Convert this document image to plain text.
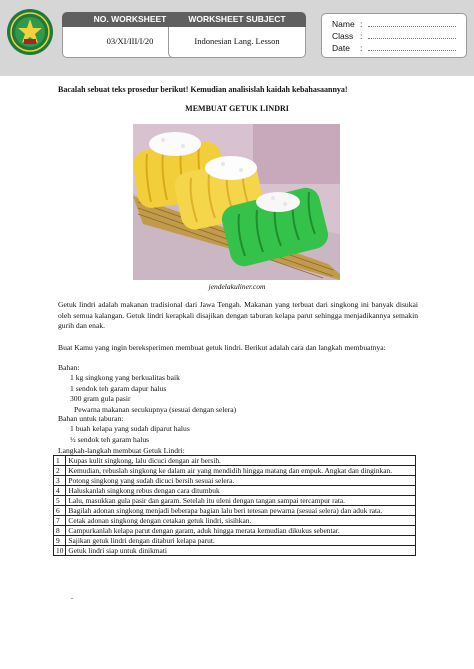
NO. WORKSHEET
03/XI/III/I/20
WORKSHEET SUBJECT
Indonesian Lang. Lesson
Name :
Class :
Date	:
Bacalah sebuat teks prosedur berikut! Kemudian analisislah kaidah kebahasaannya!
MEMBUAT GETUK LINDRI
jendelakuliner.com
Getuk lindri adalah makanan tradisional dari Jawa Tengah. Makanan yang terbuat dari singkong ini banyak disukai oleh semua kalangan. Getuk lindri kerapkali disajikan dengan taburan kelapa parut sehingga menjadikannya semakin gurih dan enak.
Buat Kamu yang ingin bereksperimen membuat getuk lindri. Berikut adalah cara dan langkah membuatnya:
Bahan:
1 kg singkong yang berkualitas baik
1 sendok teh garam dapur halus
300 gram gula pasir
Pewarna makanan secukupnya (sesuai dengan selera)
Bahan untuk taburan:
1 buah kelapa yang sudah diparut halus
½ sendok teh garam halus
Langkah-langkah membuat Getuk Lindri:
1	Kupas kulit singkong, lalu dicuci dengan air bersih.
2	Kemudian, rebuslah singkong ke dalam air yang mendidih hingga matang dan empuk. Angkat dan dinginkan.
3	Potong singkong yang sudah dicuci bersih sesuai selera.
4	Haluskanlah singkong rebus dengan cara ditumbuk
5	Lalu, masukkan gula pasir dan garam. Setelah itu uleni dengan tangan sampai tercampur rata.
6	Bagilah adonan singkong menjadi beberapa bagian lalu beri tetesan pewarna (sesuai selera) dan aduk rata.
7	Cetak adonan singkong dengan cetakan getuk lindri, sisihkan.
8	Campurkanlah kelapa parut dengan garam, aduk hingga merata kemudian dikukus sebentar.
9	Sajikan getuk lindri dengan ditaburi kelapa parut.
10	Getuk lindri siap untuk dinikmati
.
